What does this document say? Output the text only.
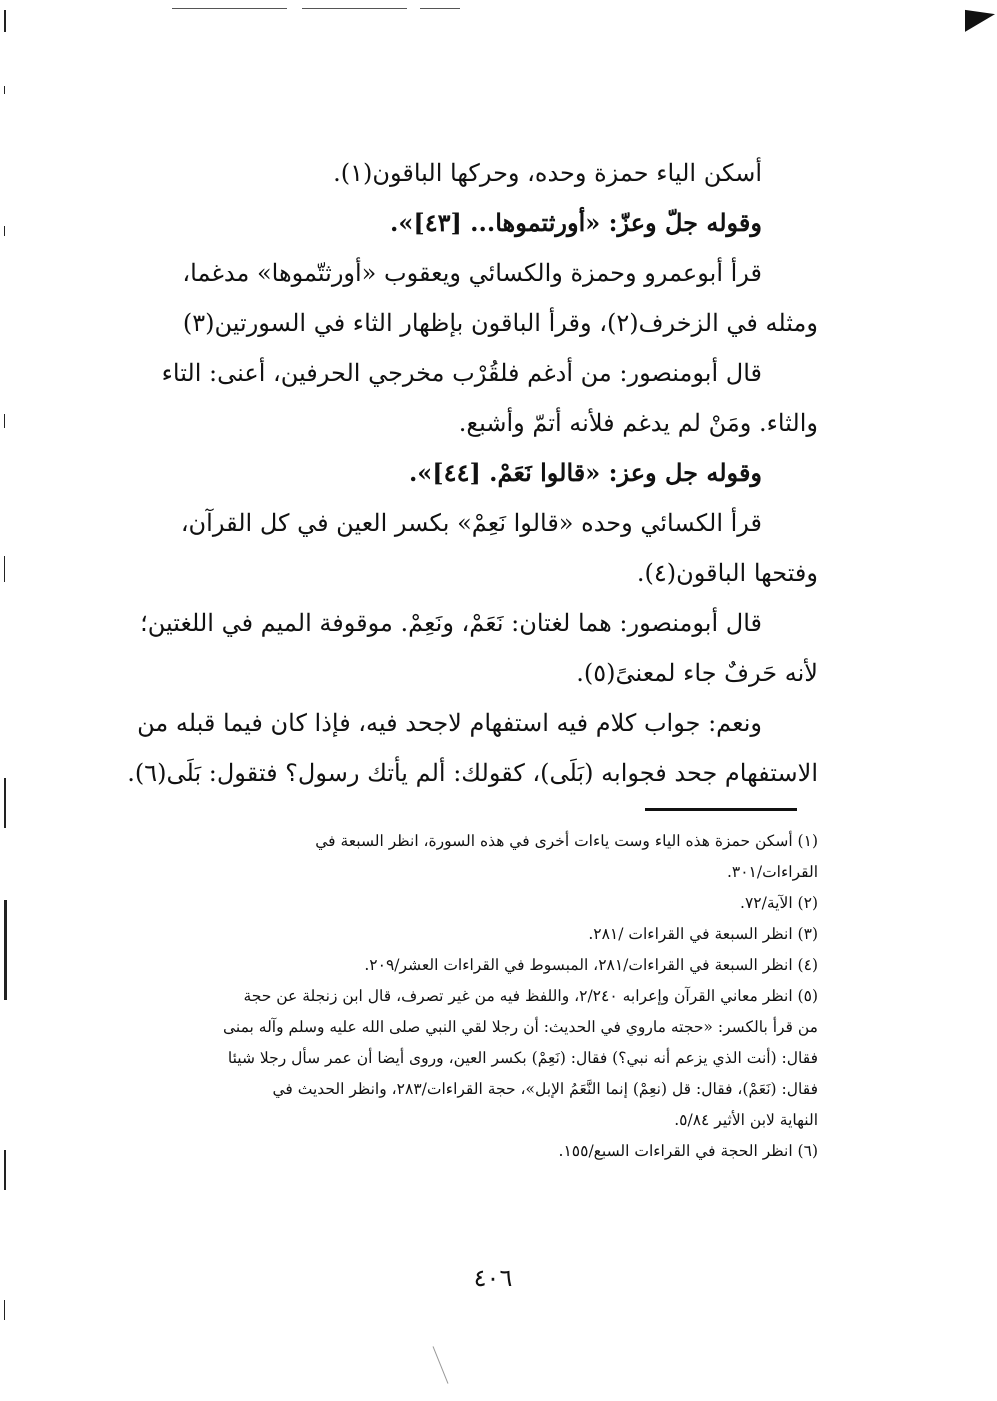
أسكن الياء حمزة وحده، وحركها الباقون(١).
وقوله جلّ وعزّ: «أورثتموها... [٤٣]».
قرأ أبوعمرو وحمزة والكسائي ويعقوب «أورثتّموها» مدغما،
ومثله في الزخرف(٢)، وقرأ الباقون بإظهار الثاء في السورتين(٣)
قال أبومنصور: من أدغم فلقُرْب مخرجي الحرفين، أعنى: التاء
والثاء. ومَنْ لم يدغم فلأنه أتمّ وأشبع.
وقوله جل وعز: «قالوا نَعَمْ. [٤٤]».
قرأ الكسائي وحده «قالوا نَعِمْ» بكسر العين في كل القرآن،
وفتحها الباقون(٤).
قال أبومنصور: هما لغتان: نَعَمْ، ونَعِمْ. موقوفة الميم في اللغتين؛
لأنه حَرفٌ جاء لمعنىً(٥).
ونعم: جواب كلام فيه استفهام لاجحد فيه، فإذا كان فيما قبله من
الاستفهام جحد فجوابه (بَلَى)، كقولك: ألم يأتك رسول؟ فتقول: بَلَى(٦).
(١) أسكن حمزة هذه الياء وست ياءات أخرى في هذه السورة، انظر السبعة في
القراءات/٣٠١.
(٢) الآية/٧٢.
(٣) انظر السبعة في القراءات /٢٨١.
(٤) انظر السبعة في القراءات/٢٨١، المبسوط في القراءات العشر/٢٠٩.
(٥) انظر معاني القرآن وإعرابه ٢/٢٤٠، واللفظ فيه من غير تصرف، قال ابن زنجلة عن حجة
من قرأ بالكسر: «حجته ماروي في الحديث: أن رجلا لقي النبي صلى الله عليه وسلم وآله بمنى
فقال: (أنت الذي يزعم أنه نبي؟) فقال: (نَعِمْ) بكسر العين، وروى أيضا أن عمر سأل رجلا شيئا
فقال: (نَعَمْ)، فقال: قل (نعِمْ) إنما النَّعَمُ الإبل»، حجة القراءات/٢٨٣، وانظر الحديث في
النهاية لابن الأثير ٥/٨٤.
(٦) انظر الحجة في القراءات السبع/١٥٥.
٤٠٦
